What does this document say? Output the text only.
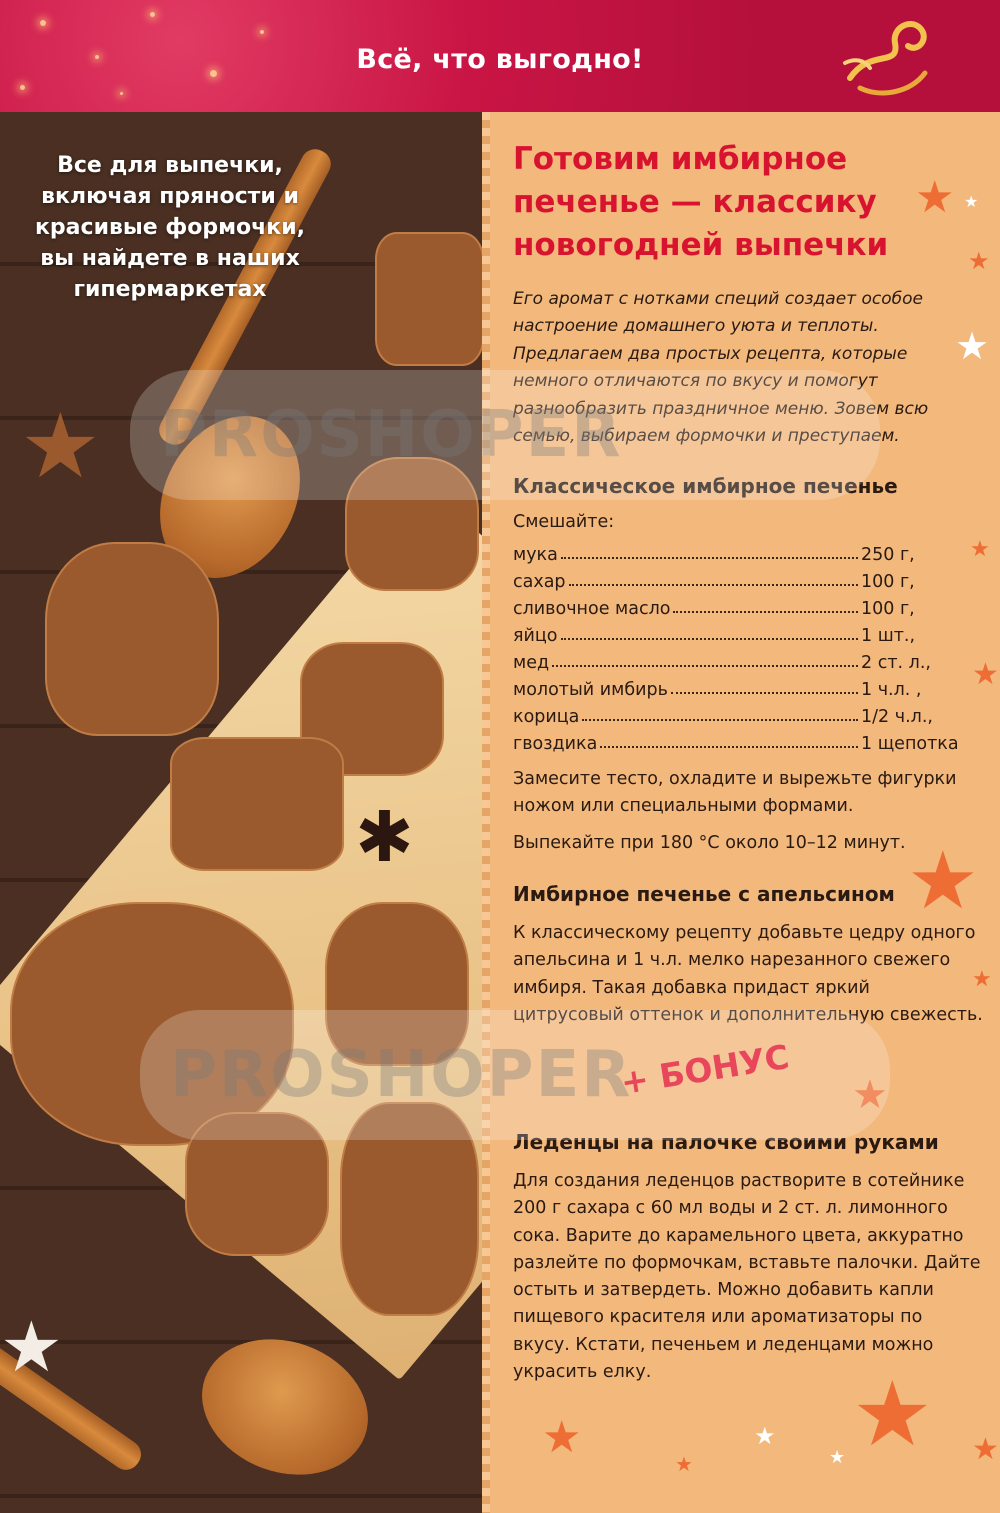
Всё, что выгодно!
★
✱
★
Все для выпечки, включая пряности и красивые формочки, вы найдете в наших гипермаркетах
★ ★
★
★
★
★
★
★
★
★
★	★
★	★	★
Готовим имбирное печенье — классику новогодней выпечки
Его аромат с нотками специй создает особое настроение домашнего уюта и теплоты. Предлагаем два простых рецепта, которые немного отличаются по вкусу и помогут разнообразить праздничное меню. Зовем всю семью, выбираем формочки и преступаем.
Классическое имбирное печенье
Смешайте:
мука	250 г,
сахар	100 г,
сливочное масло	100 г,
яйцо	1 шт.,
мед	2 ст. л.,
молотый имбирь	1 ч.л. ,
корица	1/2 ч.л.,
гвоздика	1 щепотка
Замесите тесто, охладите и вырежьте фигурки ножом или специальными формами.
Выпекайте при 180 °С около 10–12 минут.
Имбирное печенье с апельсином
К классическому рецепту добавьте цедру одного апельсина и 1 ч.л. мелко нарезанного свежего имбиря. Такая добавка придаст яркий цитрусовый оттенок и дополнительную свежесть.
+ БОНУС
Леденцы на палочке своими руками
Для создания леденцов растворите в сотейнике 200 г сахара с 60 мл воды и 2 ст. л. лимонного сока. Варите до карамельного цвета, аккуратно разлейте по формочкам, вставьте палочки. Дайте остыть и затвердеть. Можно добавить капли пищевого красителя или ароматизаторы по вкусу. Кстати, печеньем и леденцами можно украсить елку.
PROSHOPER
PROSHOPER
